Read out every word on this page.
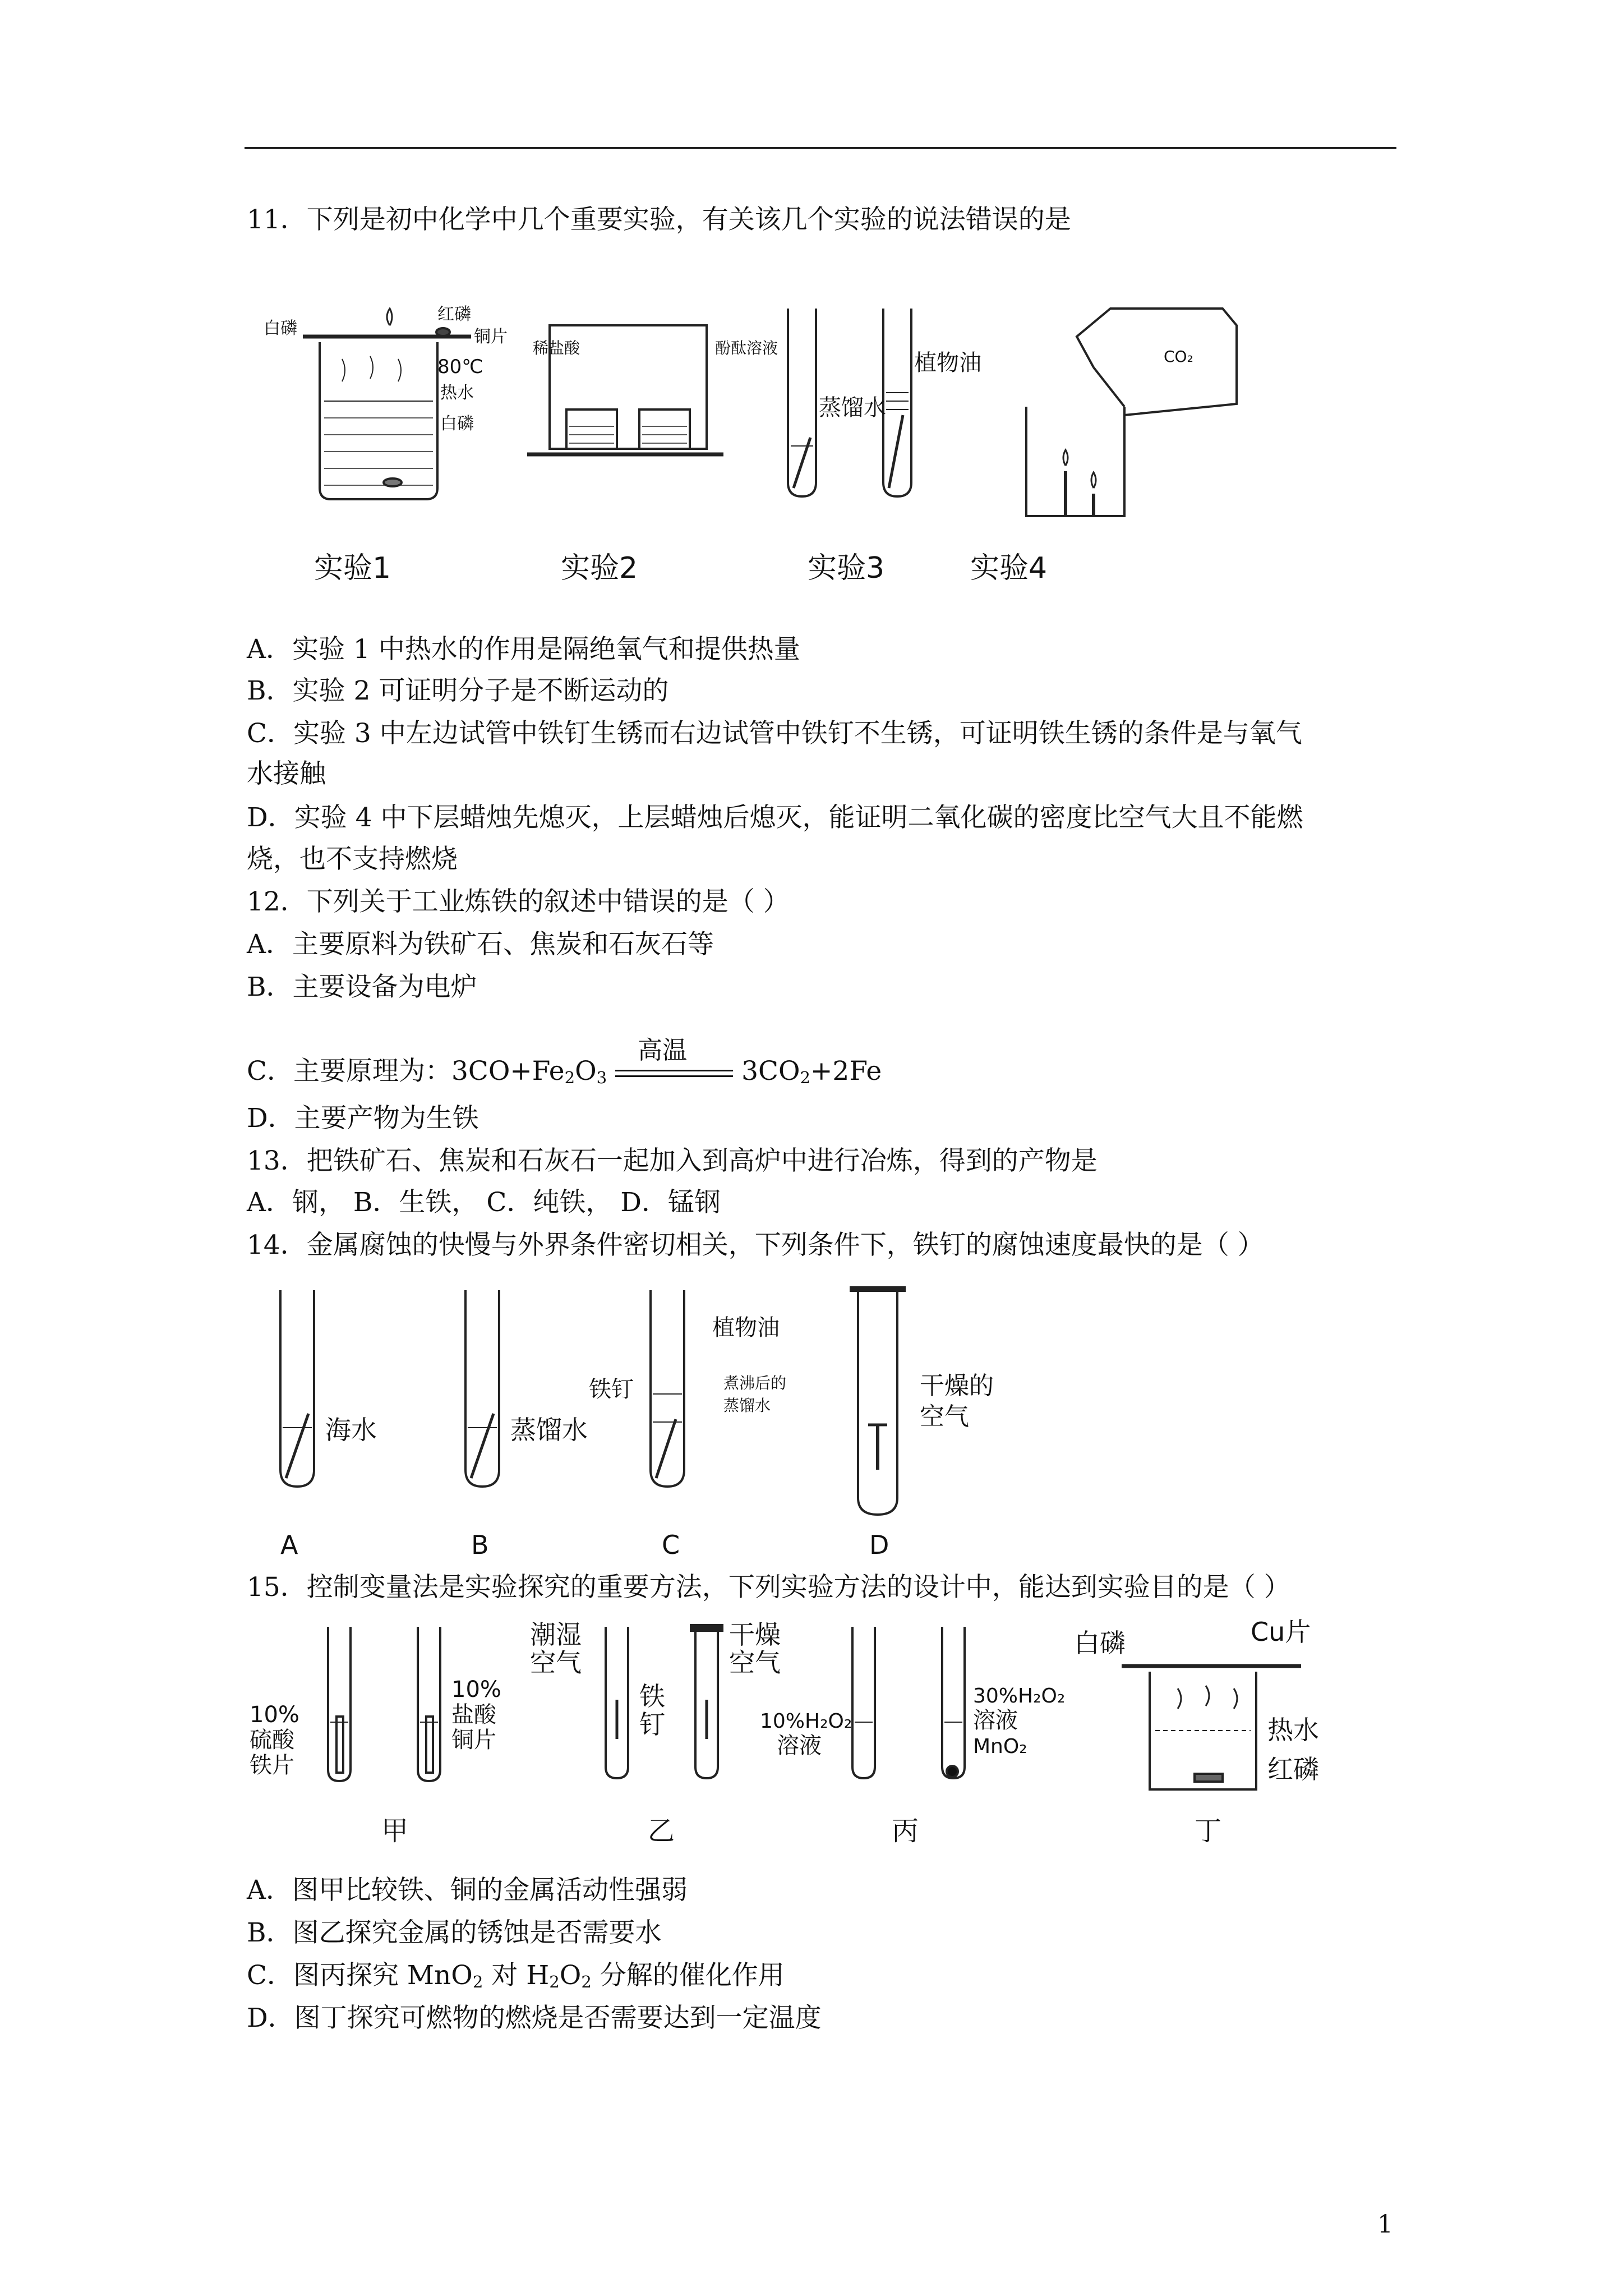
11．下列是初中化学中几个重要实验，有关该几个实验的说法错误的是
白磷
红磷
铜片
80℃
热水
白磷
稀盐酸	酚酞溶液
蒸馏水
植物油	CO₂
实验1	实验2	实验3	实验4
A．实验 1 中热水的作用是隔绝氧气和提供热量
B．实验 2 可证明分子是不断运动的
C．实验 3 中左边试管中铁钉生锈而右边试管中铁钉不生锈，可证明铁生锈的条件是与氧气
水接触
D．实验 4 中下层蜡烛先熄灭，上层蜡烛后熄灭，能证明二氧化碳的密度比空气大且不能燃
烧，也不支持燃烧
12．下列关于工业炼铁的叙述中错误的是（ ）
A．主要原料为铁矿石、焦炭和石灰石等
B．主要设备为电炉
C．主要原理为：$3CO+Fe_2O_3$
高温
$3CO_2+2Fe$
D．主要产物为生铁
13．把铁矿石、焦炭和石灰石一起加入到高炉中进行冶炼，得到的产物是
A．钢， B．生铁， C．纯铁， D．锰钢
14．金属腐蚀的快慢与外界条件密切相关，下列条件下，铁钉的腐蚀速度最快的是（ ）
海水	蒸馏水
铁钉
植物油
煮沸后的
蒸馏水
干燥的
空气
A	B	C	D
15．控制变量法是实验探究的重要方法，下列实验方法的设计中，能达到实验目的是（ ）
10%
硫酸
铁片
10%
盐酸
铜片
潮湿
空气
铁
钉
干燥
空气
10%H₂O₂
溶液
30%H₂O₂
溶液
MnO₂
白磷	Cu片
热水
红磷
甲	乙	丙	丁
A．图甲比较铁、铜的金属活动性强弱
B．图乙探究金属的锈蚀是否需要水
C．图丙探究 MnO$_2$ 对 $H_2O_2$ 分解的催化作用
D．图丁探究可燃物的燃烧是否需要达到一定温度
1
